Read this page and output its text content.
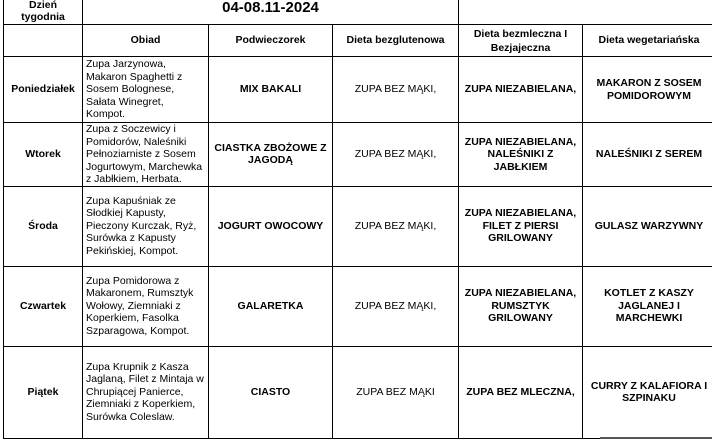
Dzień tygodnia	04-08.11-2024				
	Obiad	Podwieczorek	Dieta bezglutenowa	Dieta bezmleczna I Bezjajeczna	Dieta wegetariańska
Poniedziałek	Zupa Jarzynowa, Makaron Spaghetti z Sosem Bolognese, Sałata Winegret, Kompot.	MIX BAKALI	ZUPA BEZ MĄKI,	ZUPA NIEZABIELANA,	MAKARON Z SOSEM POMIDOROWYM
Wtorek	Zupa z Soczewicy i Pomidorów, Naleśniki Pełnoziarniste z Sosem Jogurtowym, Marchewka z Jabłkiem, Herbata.	CIASTKA ZBOŻOWE Z JAGODĄ	ZUPA BEZ MĄKI,	ZUPA NIEZABIELANA, NALEŚNIKI Z JABŁKIEM	NALEŚNIKI Z SEREM
Środa	Zupa Kapuśniak ze Słodkiej Kapusty, Pieczony Kurczak, Ryż, Surówka z Kapusty Pekińskiej, Kompot.	JOGURT OWOCOWY	ZUPA BEZ MĄKI,	ZUPA NIEZABIELANA, FILET Z PIERSI GRILOWANY	GULASZ WARZYWNY
Czwartek	Zupa Pomidorowa z Makaronem, Rumsztyk Wołowy, Ziemniaki z Koperkiem, Fasolka Szparagowa, Kompot.	GALARETKA	ZUPA BEZ MĄKI,	ZUPA NIEZABIELANA, RUMSZTYK GRILOWANY	KOTLET Z KASZY JAGLANEJ I MARCHEWKI
Piątek	Zupa Krupnik z Kasza Jaglaną, Filet z Mintaja w Chrupiącej Panierce, Ziemniaki z Koperkiem, Surówka Coleslaw.	CIASTO	ZUPA BEZ MĄKI	ZUPA BEZ MLECZNA,	CURRY Z KALAFIORA I SZPINAKU
